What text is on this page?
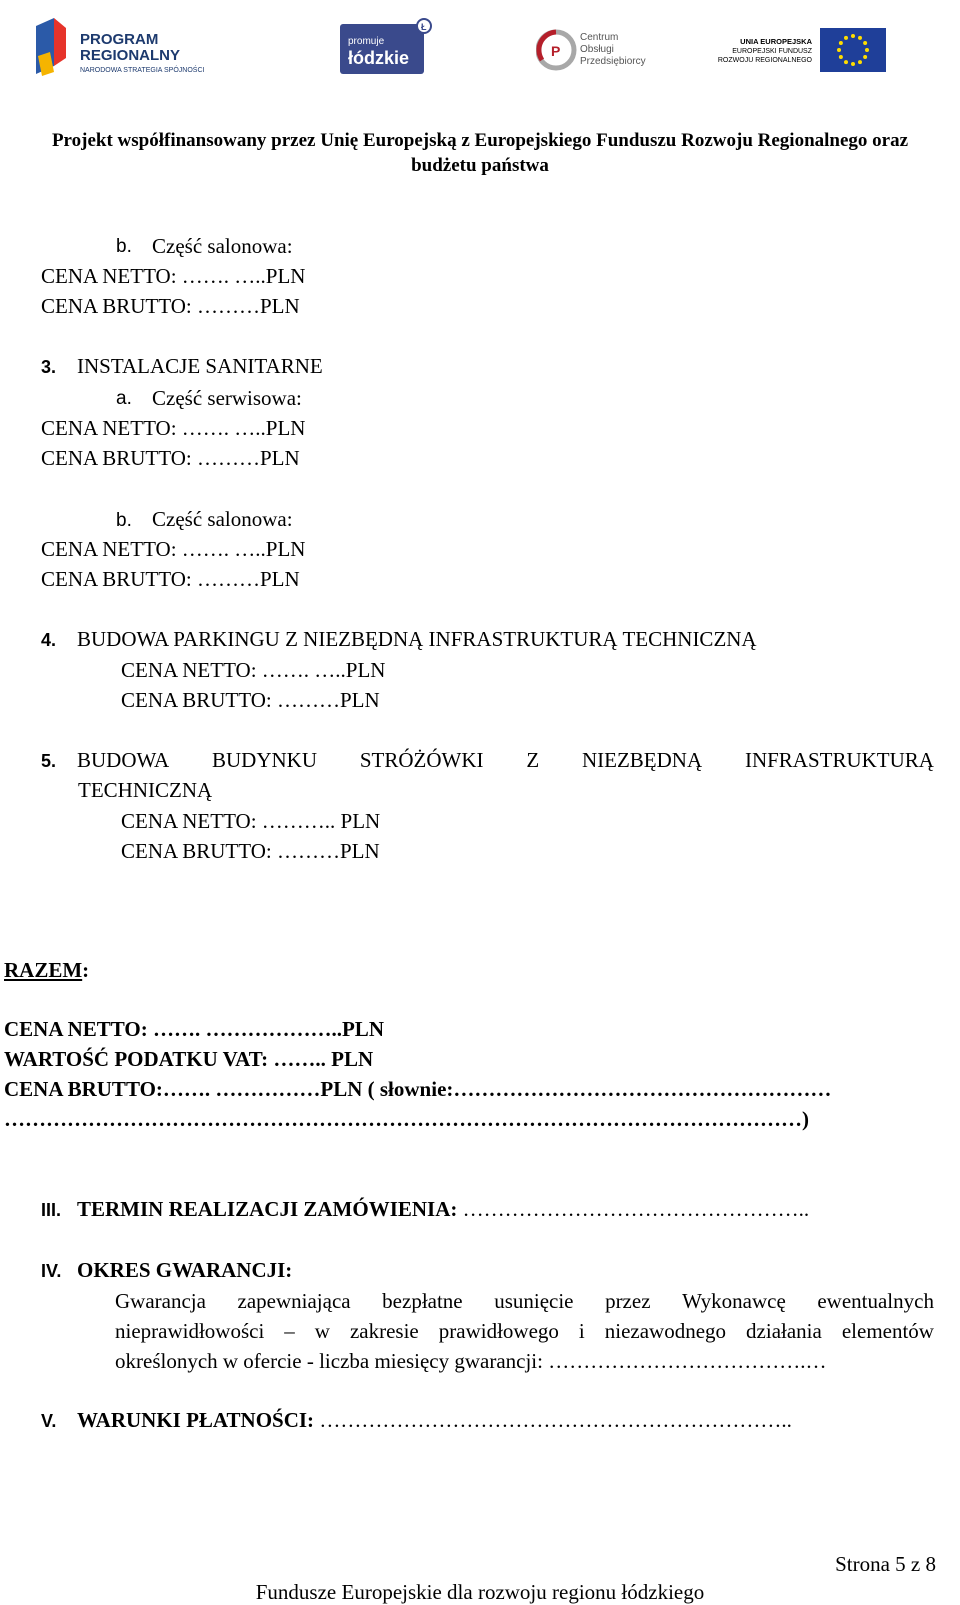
PROGRAM
REGIONALNY
NARODOWA STRATEGIA SPÓJNOŚCI
Ł
promuje
łódzkie	P
Centrum
Obsługi
Przedsiębiorcy
UNIA EUROPEJSKA
EUROPEJSKI FUNDUSZ
ROZWOJU REGIONALNEGO
Projekt współfinansowany przez Unię Europejską z Europejskiego Funduszu Rozwoju Regionalnego oraz
budżetu państwa
b. Część salonowa:
CENA NETTO: ……. …..PLN
CENA BRUTTO: ………PLN
3. INSTALACJE SANITARNE
a. Część serwisowa:
CENA NETTO: ……. …..PLN
CENA BRUTTO: ………PLN
b. Część salonowa:
CENA NETTO: ……. …..PLN
CENA BRUTTO: ………PLN
4. BUDOWA PARKINGU Z NIEZBĘDNĄ INFRASTRUKTURĄ TECHNICZNĄ
CENA NETTO: ……. …..PLN
CENA BRUTTO: ………PLN
5. BUDOWA BUDYNKU STRÓŻÓWKI Z NIEZBĘDNĄ INFRASTRUKTURĄ
TECHNICZNĄ
CENA NETTO: ……….. PLN
CENA BRUTTO: ………PLN
RAZEM:
CENA NETTO: ……. ………………..PLN
WARTOŚĆ PODATKU VAT: …….. PLN
CENA BRUTTO:……. ……………PLN ( słownie:………………………………………………
……………………………………………………………………………………………………)
III. TERMIN REALIZACJI ZAMÓWIENIA: …………………………………………..
IV. OKRES GWARANCJI:
Gwarancja zapewniająca bezpłatne usunięcie przez Wykonawcę ewentualnych
nieprawidłowości – w zakresie prawidłowego i niezawodnego działania elementów
określonych w ofercie - liczba miesięcy gwarancji: ……………………………….…
V. WARUNKI PŁATNOŚCI: …………………………………………………………..
Strona 5 z 8
Fundusze Europejskie dla rozwoju regionu łódzkiego
